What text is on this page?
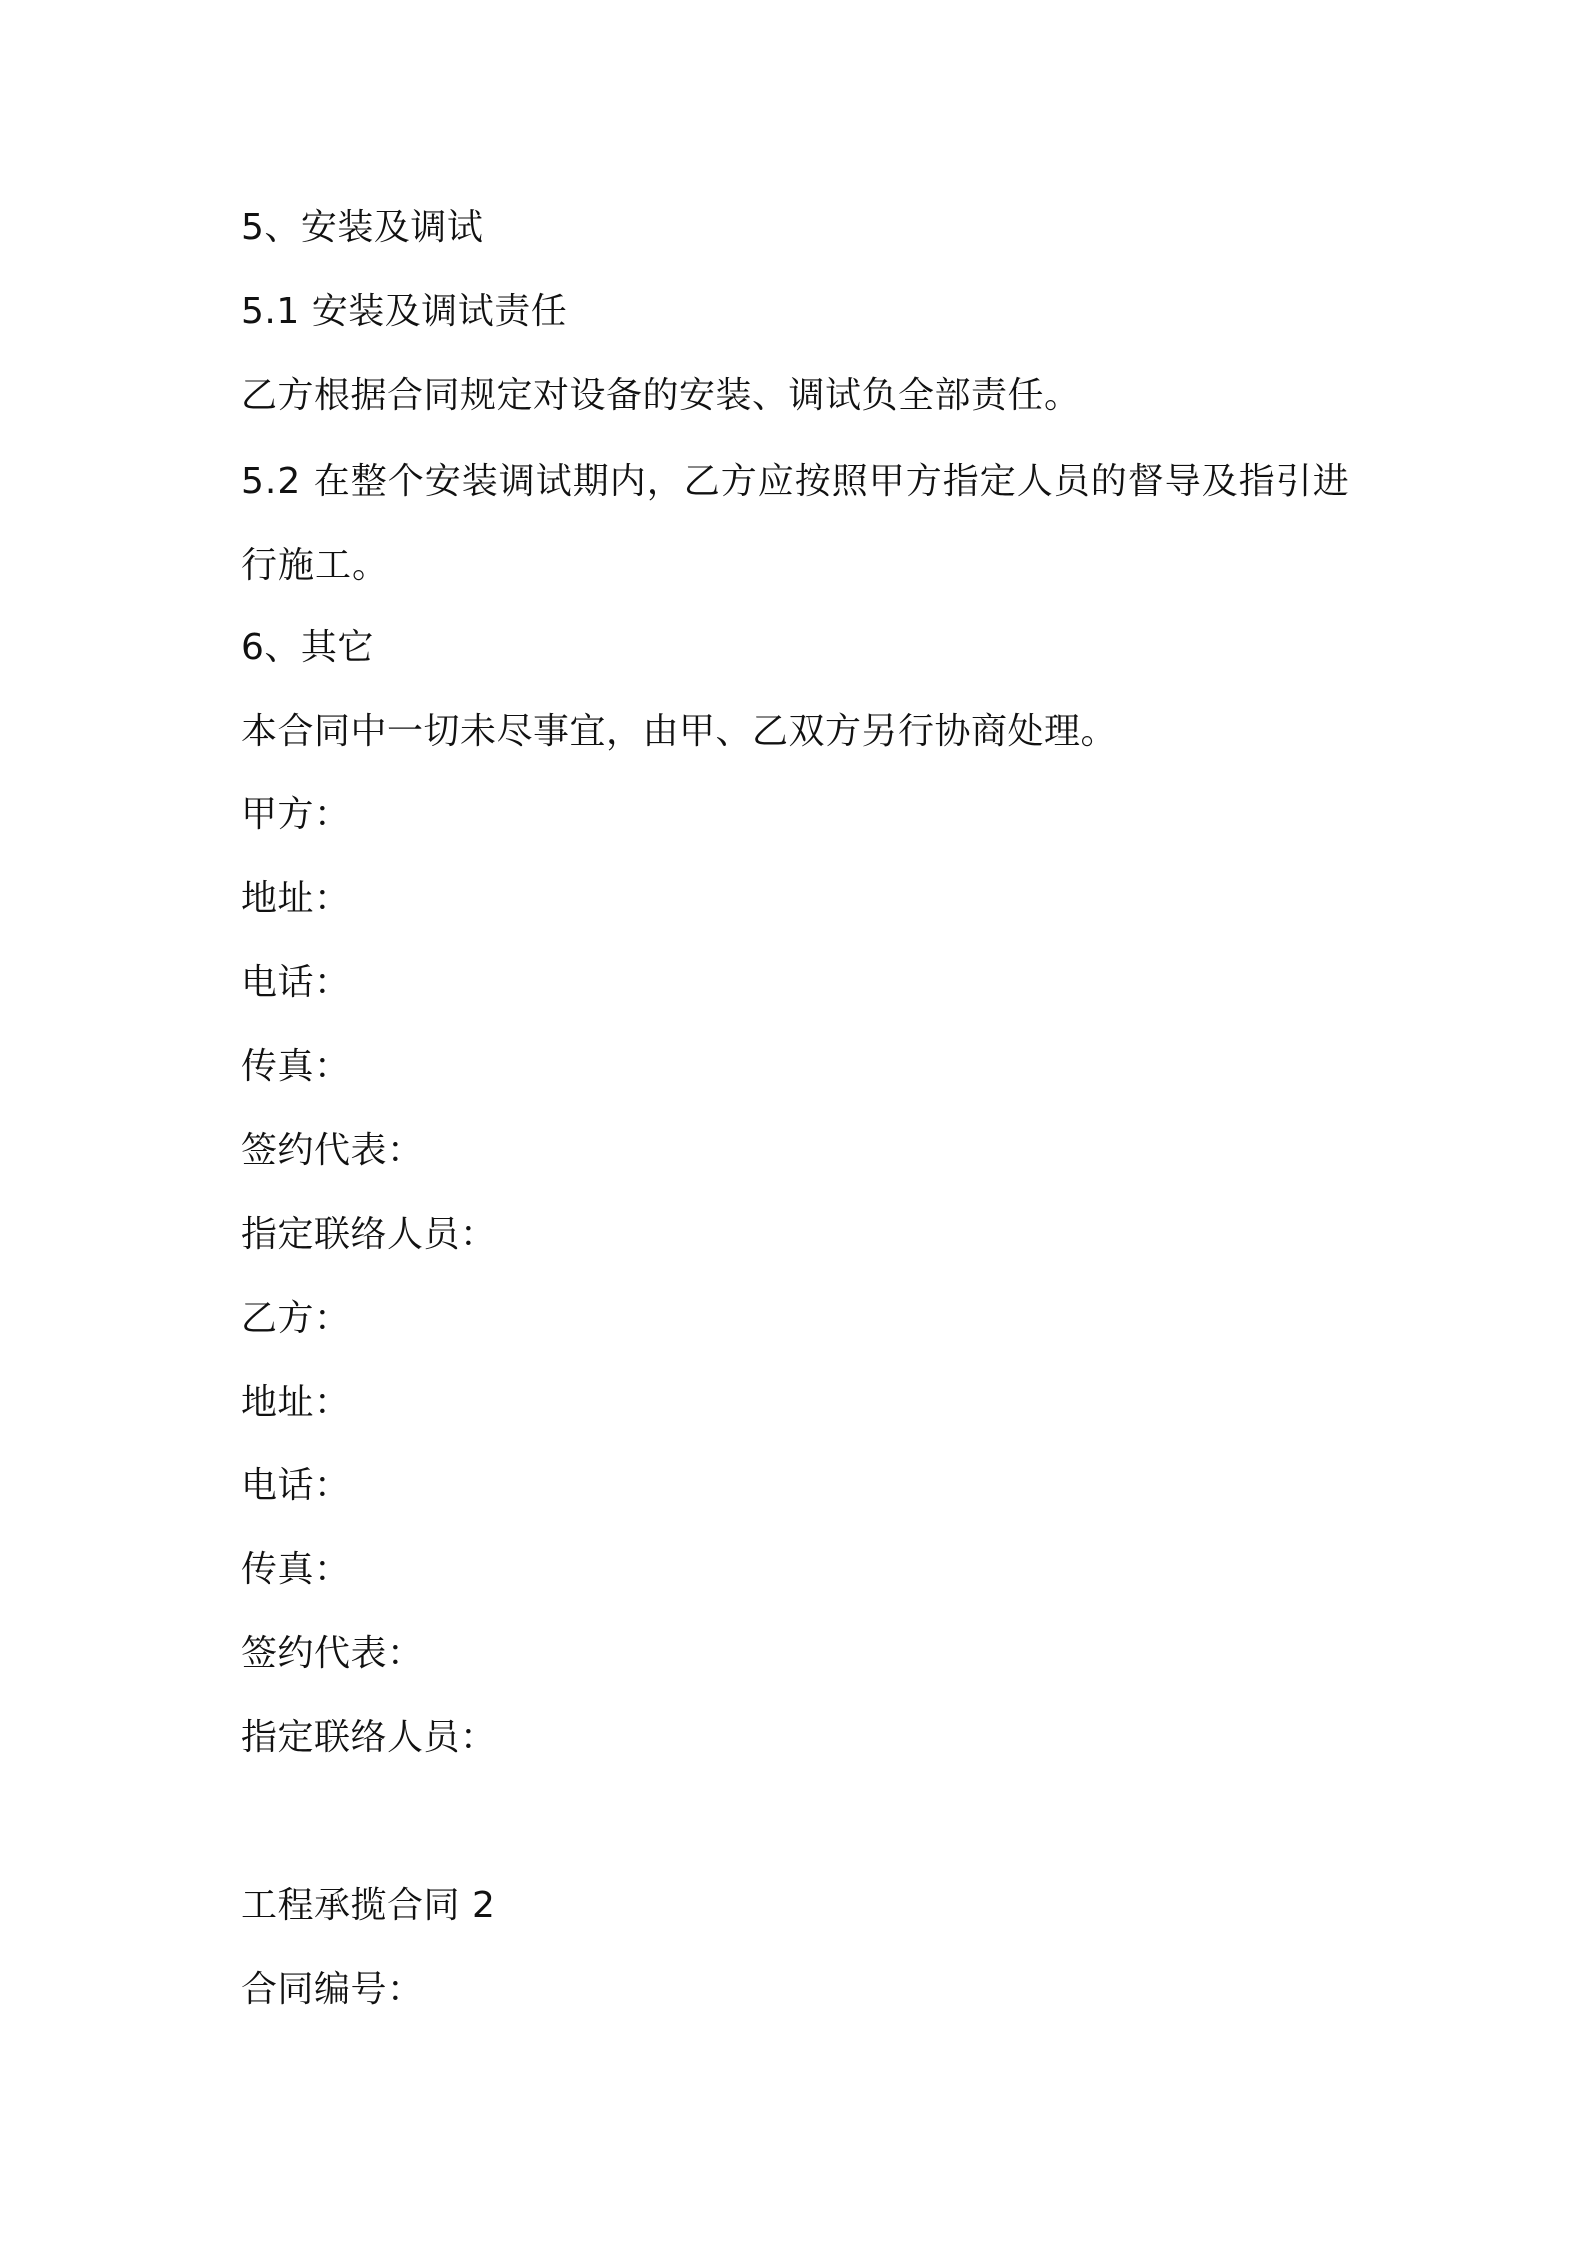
5、安装及调试
5.1 安装及调试责任
乙方根据合同规定对设备的安装、调试负全部责任。
5.2 在整个安装调试期内，乙方应按照甲方指定人员的督导及指引进行施工。
6、其它
本合同中一切未尽事宜，由甲、乙双方另行协商处理。
甲方：
地址：
电话：
传真：
签约代表：
指定联络人员：
乙方：
地址：
电话：
传真：
签约代表：
指定联络人员：
工程承揽合同 2
合同编号：
